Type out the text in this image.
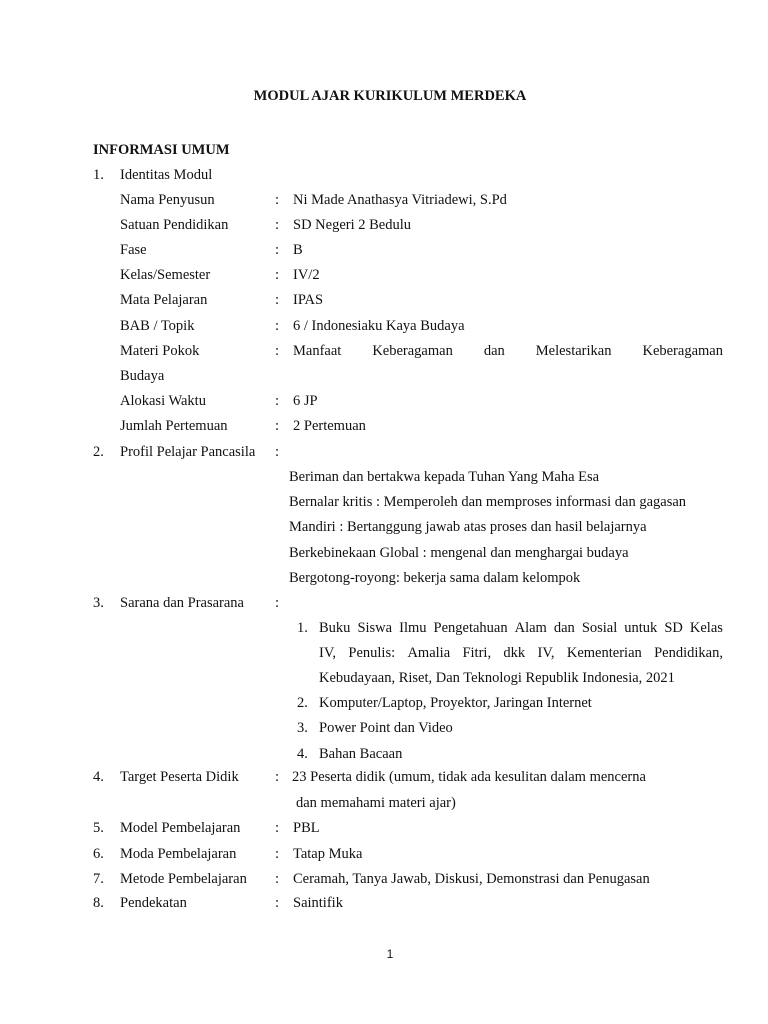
MODUL AJAR KURIKULUM MERDEKA
INFORMASI UMUM
1. Identitas Modul
Nama Penyusun	: Ni Made Anathasya Vitriadewi, S.Pd
Satuan Pendidikan	: SD Negeri 2 Bedulu
Fase	: B
Kelas/Semester	: IV/2
Mata Pelajaran	: IPAS
BAB / Topik	: 6 / Indonesiaku Kaya Budaya
Materi Pokok	: Manfaat Keberagaman dan Melestarikan Keberagaman
Budaya
Alokasi Waktu	: 6 JP
Jumlah Pertemuan	: 2 Pertemuan
2. Profil Pelajar Pancasila :
Beriman dan bertakwa kepada Tuhan Yang Maha Esa
Bernalar kritis : Memperoleh dan memproses informasi dan gagasan
Mandiri : Bertanggung jawab atas proses dan hasil belajarnya
Berkebinekaan Global : mengenal dan menghargai budaya
Bergotong-royong: bekerja sama dalam kelompok
3. Sarana dan Prasarana :
1. Buku Siswa Ilmu Pengetahuan Alam dan Sosial untuk SD Kelas
IV, Penulis: Amalia Fitri, dkk IV, Kementerian Pendidikan,
Kebudayaan, Riset, Dan Teknologi Republik Indonesia, 2021
2. Komputer/Laptop, Proyektor, Jaringan Internet
3. Power Point dan Video
4. Bahan Bacaan
4. Target Peserta Didik	: 23 Peserta didik (umum, tidak ada kesulitan dalam mencerna
dan memahami materi ajar)
5. Model Pembelajaran : PBL
6. Moda Pembelajaran	: Tatap Muka
7. Metode Pembelajaran : Ceramah, Tanya Jawab, Diskusi, Demonstrasi dan Penugasan
8. Pendekatan	: Saintifik
1
